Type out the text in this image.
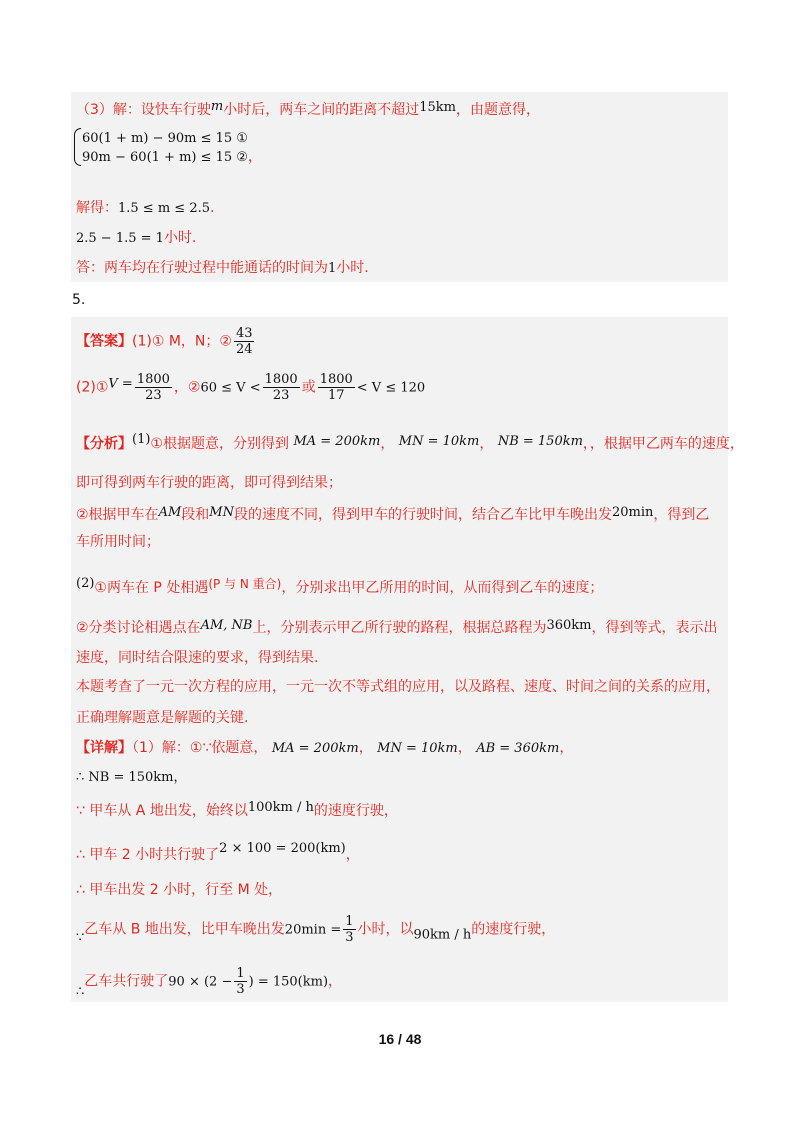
（3）解：设快车行驶m小时后，两车之间的距离不超过15km，由题意得，
60(1 + m) − 90m ≤ 15 ①
90m − 60(1 + m) ≤ 15 ②，
解得：1.5 ≤ m ≤ 2.5.
2.5 − 1.5 = 1小时.
答：两车均在行驶过程中能通话的时间为1小时.
5.
【答案】(1)① M，N；② $\frac{43}{24}$
(2)①V = $\frac{1800}{23}$ ，②60 ≤ $V < \frac{1800}{23}$ 或 $\frac{1800}{17} < V \le 120$
【分析】(1)①根据题意，分别得到 MA = 200km， MN = 10km， NB = 150km，，根据甲乙两车的速度，
即可得到两车行驶的距离，即可得到结果；
②根据甲车在AM段和MN段的速度不同，得到甲车的行驶时间，结合乙车比甲车晚出发20min，得到乙
车所用时间；
(2)①两车在 P 处相遇(P 与 N 重合)，分别求出甲乙所用的时间，从而得到乙车的速度；
②分类讨论相遇点在AM, NB上，分别表示甲乙所行驶的路程，根据总路程为360km，得到等式，表示出
速度，同时结合限速的要求，得到结果.
本题考查了一元一次方程的应用，一元一次不等式组的应用，以及路程、速度、时间之间的关系的应用，
正确理解题意是解题的关键.
【详解】（1）解：①∵依题意， MA = 200km， MN = 10km， AB = 360km，
∴ NB = 150km，
∵ 甲车从 A 地出发，始终以100km / h的速度行驶，
∴ 甲车 2 小时共行驶了2 × 100 = 200(km)，
∴ 甲车出发 2 小时，行至 M 处，
∵乙车从 B 地出发，比甲车晚出发$20\min = \frac{1}{3}$ 小时，以90km / h的速度行驶，
∴乙车共行驶了$90 \times (2 - \frac{1}{3}$ ) = 150(km)，
16 / 48
